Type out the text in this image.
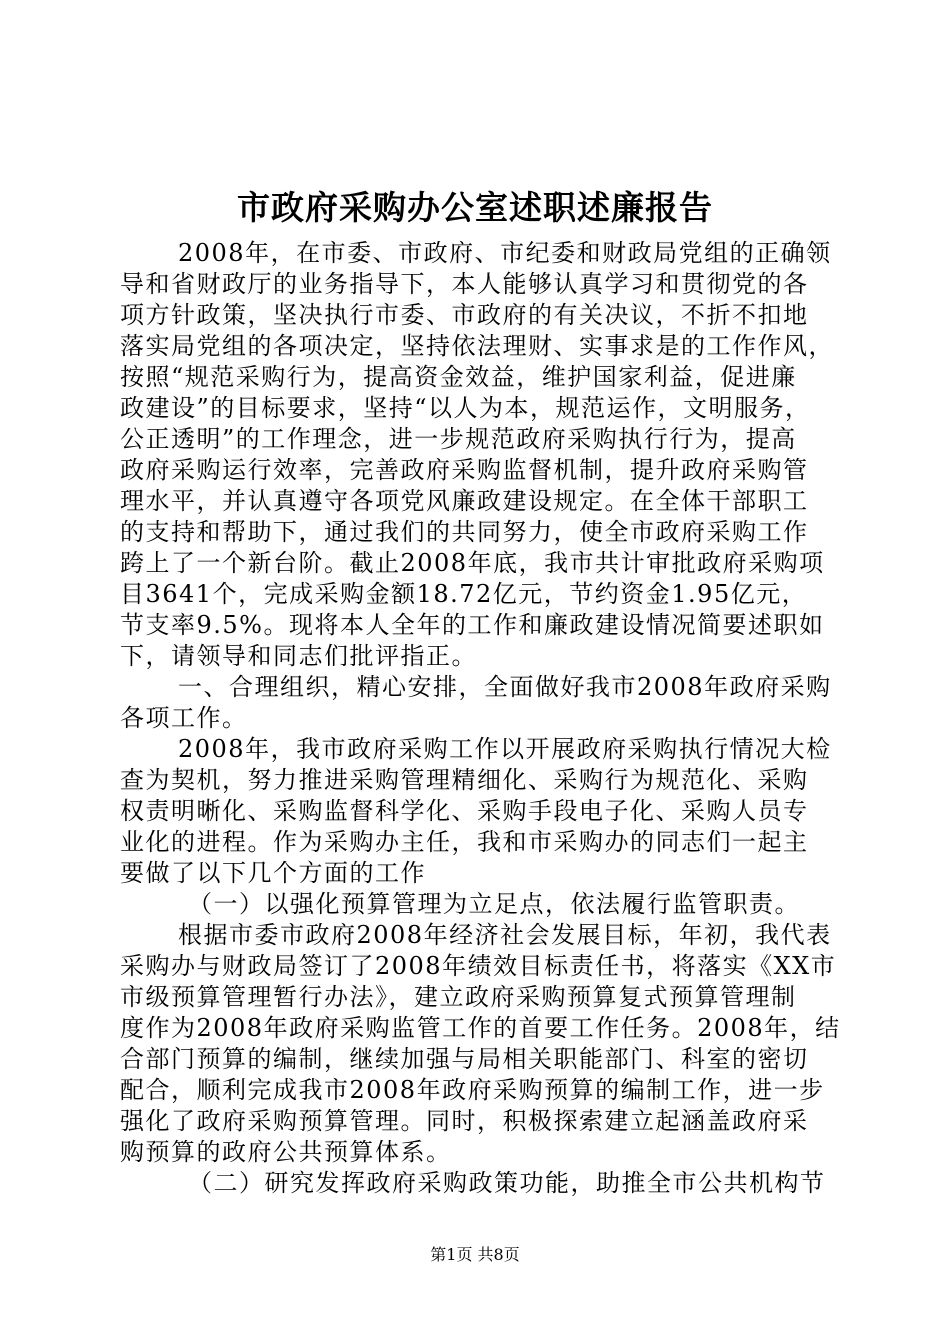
市政府采购办公室述职述廉报告
2008年，在市委、市政府、市纪委和财政局党组的正确领
导和省财政厅的业务指导下，本人能够认真学习和贯彻党的各
项方针政策，坚决执行市委、市政府的有关决议，不折不扣地
落实局党组的各项决定，坚持依法理财、实事求是的工作作风，
按照“规范采购行为，提高资金效益，维护国家利益，促进廉
政建设”的目标要求，坚持“以人为本，规范运作，文明服务，
公正透明”的工作理念，进一步规范政府采购执行行为，提高
政府采购运行效率，完善政府采购监督机制，提升政府采购管
理水平，并认真遵守各项党风廉政建设规定。在全体干部职工
的支持和帮助下，通过我们的共同努力，使全市政府采购工作
跨上了一个新台阶。截止2008年底，我市共计审批政府采购项
目3641个，完成采购金额18.72亿元，节约资金1.95亿元，
节支率9.5%。现将本人全年的工作和廉政建设情况简要述职如
下，请领导和同志们批评指正。
一、合理组织，精心安排，全面做好我市2008年政府采购
各项工作。
2008年，我市政府采购工作以开展政府采购执行情况大检
查为契机，努力推进采购管理精细化、采购行为规范化、采购
权责明晰化、采购监督科学化、采购手段电子化、采购人员专
业化的进程。作为采购办主任，我和市采购办的同志们一起主
要做了以下几个方面的工作
（一）以强化预算管理为立足点，依法履行监管职责。
根据市委市政府2008年经济社会发展目标，年初，我代表
采购办与财政局签订了2008年绩效目标责任书，将落实《XX市
市级预算管理暂行办法》，建立政府采购预算复式预算管理制
度作为2008年政府采购监管工作的首要工作任务。2008年，结
合部门预算的编制，继续加强与局相关职能部门、科室的密切
配合，顺利完成我市2008年政府采购预算的编制工作，进一步
强化了政府采购预算管理。同时，积极探索建立起涵盖政府采
购预算的政府公共预算体系。
（二）研究发挥政府采购政策功能，助推全市公共机构节
第1页 共8页
